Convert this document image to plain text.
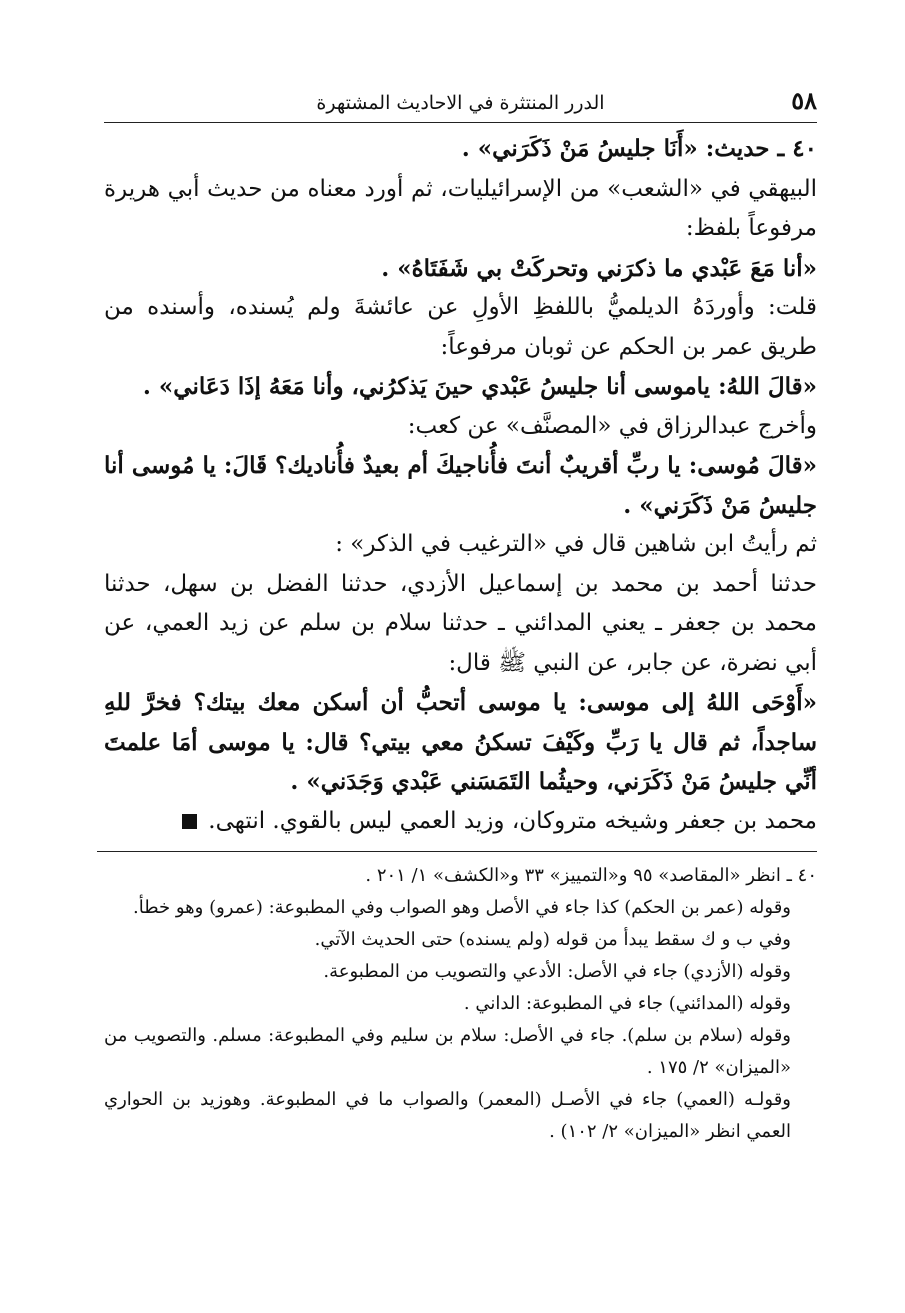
٥٨
الدرر المنتثرة في الاحاديث المشتهرة

٤٠ ـ حديث: «أَنَا جليسُ مَنْ ذَكَرَني» .

البيهقي في «الشعب» من الإسرائيليات، ثم أورد معناه من حديث أبي هريرة مرفوعاً بلفظ:

«أنا مَعَ عَبْدي ما ذكرَني وتحركَتْ بي شَفَتَاهُ» .

قلت: وأوردَهُ الديلميُّ باللفظِ الأولِ عن عائشةَ ولم يُسنده، وأسنده من طريق عمر بن الحكم عن ثوبان مرفوعاً:

«قالَ اللهُ: ياموسى أنا جليسُ عَبْدي حينَ يَذكرُني، وأنا مَعَهُ إذَا دَعَاني» .

وأخرج عبدالرزاق في «المصنَّف» عن كعب:

«قالَ مُوسى: يا ربِّ أقريبٌ أنتَ فأُناجيكَ أم بعيدٌ فأُناديك؟ قَالَ: يا مُوسى أنا جليسُ مَنْ ذَكَرَني» .

ثم رأيتُ ابن شاهين قال في «الترغيب في الذكر» :

حدثنا أحمد بن محمد بن إسماعيل الأزدي، حدثنا الفضل بن سهل، حدثنا محمد بن جعفر ـ يعني المدائني ـ حدثنا سلام بن سلم عن زيد العمي، عن أبي نضرة، عن جابر، عن النبي ﷺ قال:

«أَوْحَى اللهُ إلى موسى: يا موسى أتحبُّ أن أسكن معك بيتك؟ فخرَّ للهِ ساجداً، ثم قال يا رَبِّ وكَيْفَ تسكنُ معي بيتي؟ قال: يا موسى أمَا علمتَ أنِّي جليسُ مَنْ ذَكَرَني، وحيثُما التَمَسَني عَبْدي وَجَدَني» .

محمد بن جعفر وشيخه متروكان، وزيد العمي ليس بالقوي. انتهى.

٤٠ ـ انظر «المقاصد» ٩٥ و«التمييز» ٣٣ و«الكشف» ١/ ٢٠١ .

وقوله (عمر بن الحكم) كذا جاء في الأصل وهو الصواب وفي المطبوعة: (عمرو) وهو خطأ.

وفي ب و ك سقط يبدأ من قوله (ولم يسنده) حتى الحديث الآتي.

وقوله (الأزدي) جاء في الأصل: الأدعي والتصويب من المطبوعة.

وقوله (المدائني) جاء في المطبوعة: الداني .

وقوله (سلام بن سلم). جاء في الأصل: سلام بن سليم وفي المطبوعة: مسلم. والتصويب من «الميزان» ٢/ ١٧٥ .

وقولـه (العمي) جاء في الأصـل (المعمر) والصواب ما في المطبوعة. وهوزيد بن الحواري العمي انظر «الميزان» ٢/ ١٠٢) .
